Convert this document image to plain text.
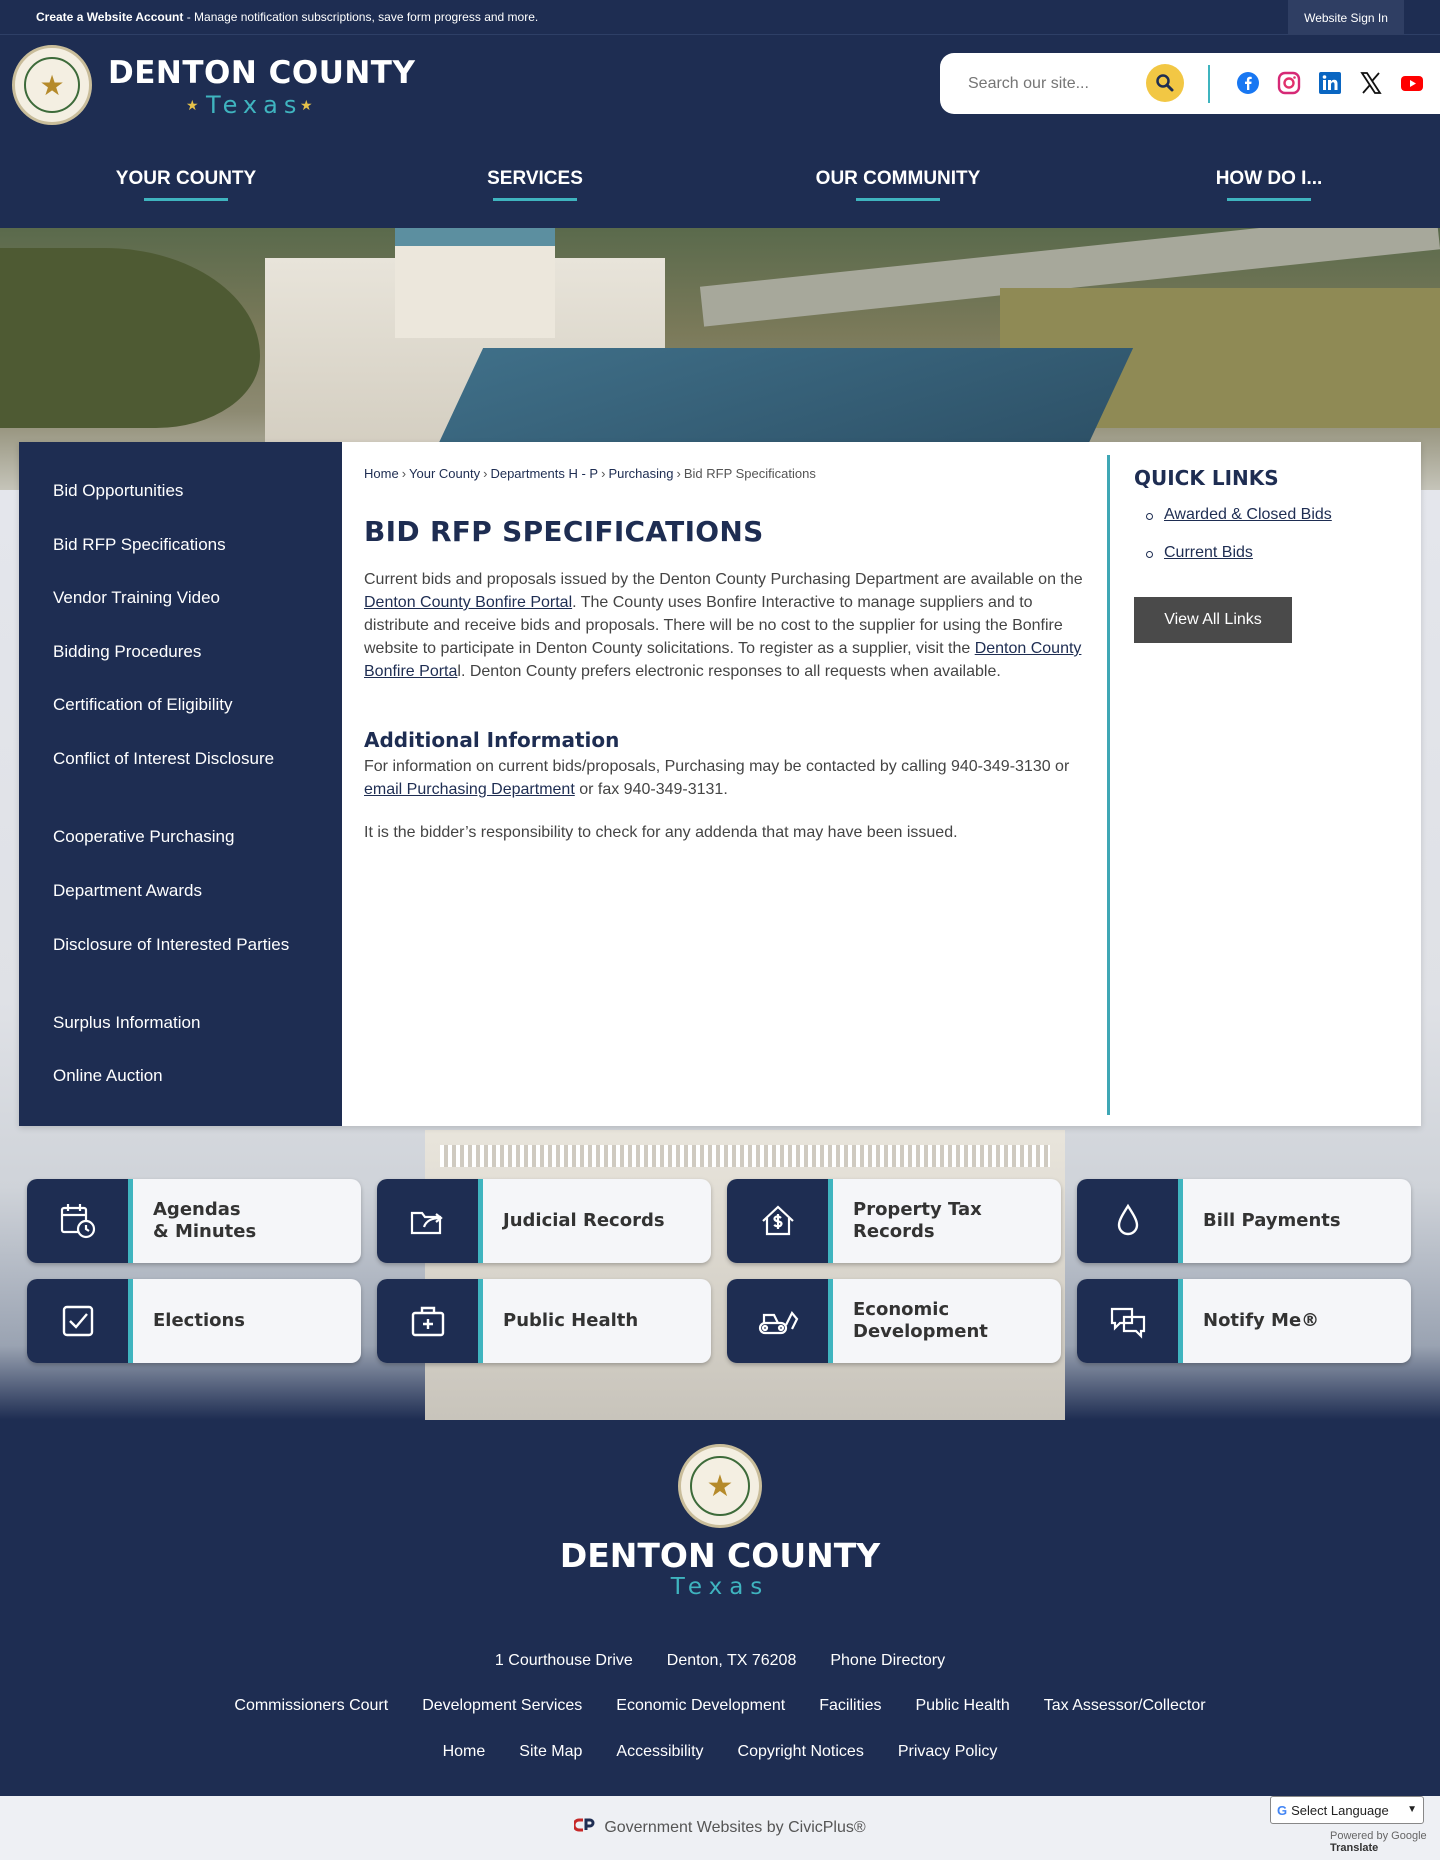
Create a Website Account - Manage notification subscriptions, save form progress and more.	Website Sign In
★	DENTON COUNTY
★ Texas
★
Search our site...
YOUR COUNTY	SERVICES	OUR COMMUNITY	HOW DO I...
Bid Opportunities
Bid RFP Specifications
Vendor Training Video
Bidding Procedures
Certification of Eligibility
Conflict of Interest Disclosure
Cooperative Purchasing
Department Awards
Disclosure of Interested Parties
Surplus Information
Online Auction
Home › Your County › Departments H - P › Purchasing › Bid RFP Specifications
BID RFP SPECIFICATIONS

Current bids and proposals issued by the Denton County Purchasing Department are available on the Denton County Bonfire Portal. The County uses Bonfire Interactive to manage suppliers and to distribute and receive bids and proposals. There will be no cost to the supplier for using the Bonfire website to participate in Denton County solicitations. To register as a supplier, visit the Denton County Bonfire Portal. Denton County prefers electronic responses to all requests when available.

Additional Information

For information on current bids/proposals, Purchasing may be contacted by calling 940-349-3130 or email Purchasing Department or fax 940-349-3131.

It is the bidder’s responsibility to check for any addenda that may have been issued.

QUICK LINKS
Awarded & Closed Bids
Current Bids
View All Links
Agendas
& Minutes
Judicial Records
Property Tax
Records
Bill Payments
Elections	Public Health
Economic
Development
Notify Me®
★
DENTON COUNTY
Texas
1 Courthouse Drive Denton, TX 76208 Phone Directory
Commissioners Court Development Services Economic Development Facilities Public Health Tax Assessor/Collector
Home Site Map Accessibility Copyright Notices Privacy Policy
Government Websites by CivicPlus®
G Select Language ▼
Powered by Google Translate
